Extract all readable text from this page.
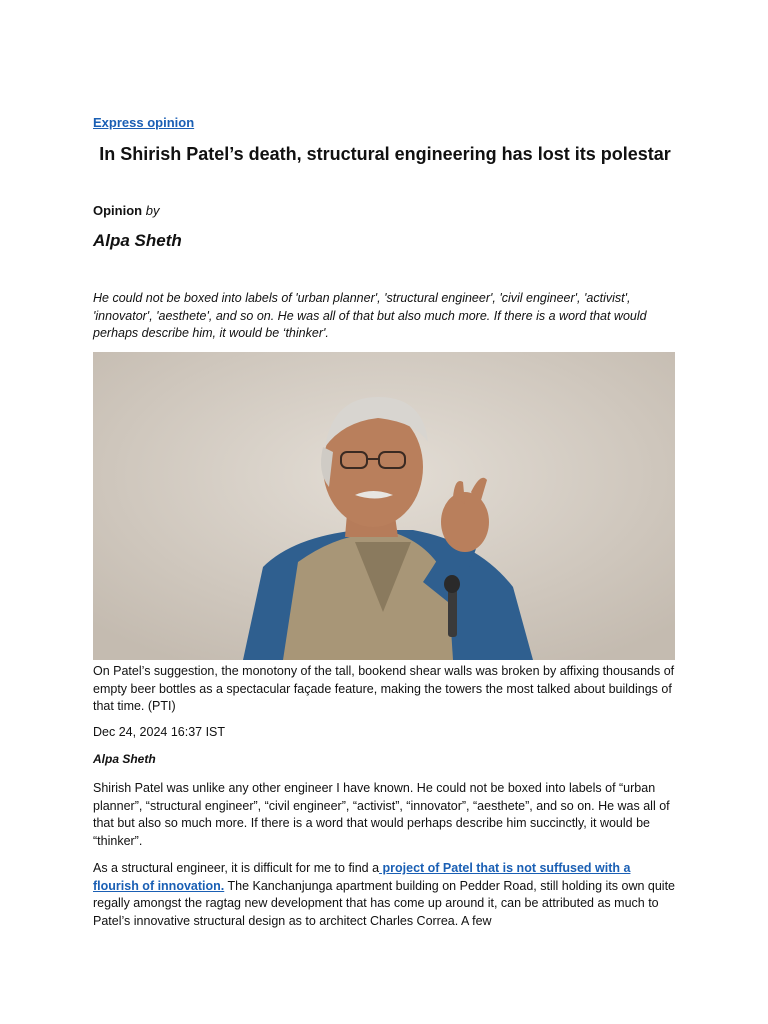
Express opinion
In Shirish Patel’s death, structural engineering has lost its polestar
Opinion by
Alpa Sheth

He could not be boxed into labels of 'urban planner', 'structural engineer', 'civil engineer', 'activist', 'innovator', 'aesthete', and so on. He was all of that but also much more. If there is a word that would perhaps describe him, it would be ‘thinker'.

On Patel’s suggestion, the monotony of the tall, bookend shear walls was broken by affixing thousands of empty beer bottles as a spectacular façade feature, making the towers the most talked about buildings of that time. (PTI)

Dec 24, 2024 16:37 IST
Alpa Sheth

Shirish Patel was unlike any other engineer I have known. He could not be boxed into labels of “urban planner”, “structural engineer”, “civil engineer”, “activist”, “innovator”, “aesthete”, and so on. He was all of that but also so much more. If there is a word that would perhaps describe him succinctly, it would be “thinker”.

As a structural engineer, it is difficult for me to find a project of Patel that is not suffused with a flourish of innovation. The Kanchanjunga apartment building on Pedder Road, still holding its own quite regally amongst the ragtag new development that has come up around it, can be attributed as much to Patel’s innovative structural design as to architect Charles Correa. A few
